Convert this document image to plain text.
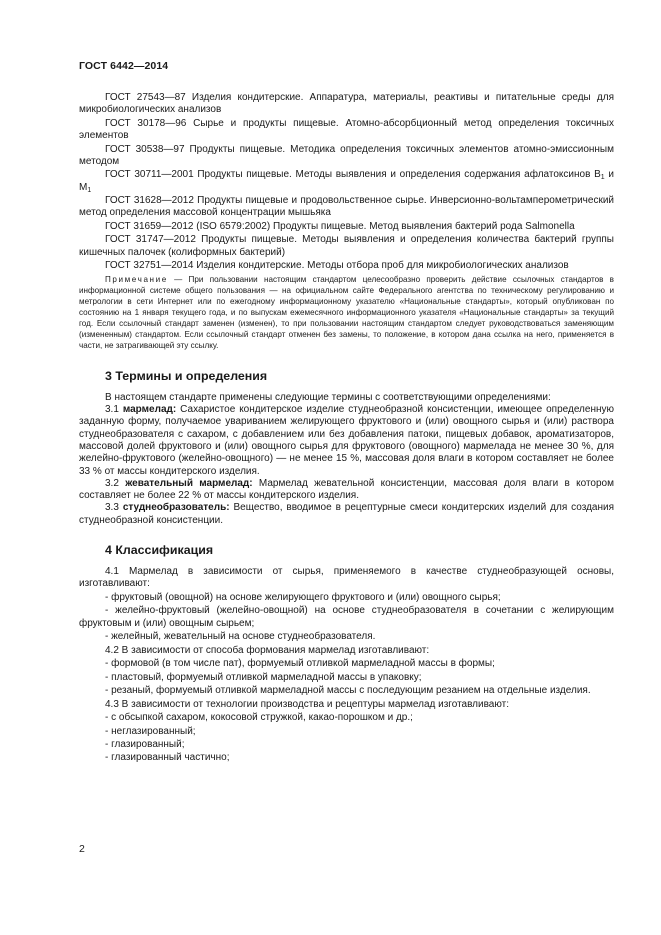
ГОСТ 6442—2014

ГОСТ 27543—87 Изделия кондитерские. Аппаратура, материалы, реактивы и питательные среды для микробиологических анализов

ГОСТ 30178—96 Сырье и продукты пищевые. Атомно-абсорбционный метод определения токсичных элементов

ГОСТ 30538—97 Продукты пищевые. Методика определения токсичных элементов атомно-эмиссионным методом

ГОСТ 30711—2001 Продукты пищевые. Методы выявления и определения содержания афлатоксинов $B_1$ и $M_1$

ГОСТ 31628—2012 Продукты пищевые и продовольственное сырье. Инверсионно-вольтамперометрический метод определения массовой концентрации мышьяка

ГОСТ 31659—2012 (ISO 6579:2002) Продукты пищевые. Метод выявления бактерий рода Salmonella

ГОСТ 31747—2012 Продукты пищевые. Методы выявления и определения количества бактерий группы кишечных палочек (колиформных бактерий)

ГОСТ 32751—2014 Изделия кондитерские. Методы отбора проб для микробиологических анализов

Примечание — При пользовании настоящим стандартом целесообразно проверить действие ссылочных стандартов в информационной системе общего пользования — на официальном сайте Федерального агентства по техническому регулированию и метрологии в сети Интернет или по ежегодному информационному указателю «Национальные стандарты», который опубликован по состоянию на 1 января текущего года, и по выпускам ежемесячного информационного указателя «Национальные стандарты» за текущий год. Если ссылочный стандарт заменен (изменен), то при пользовании настоящим стандартом следует руководствоваться заменяющим (измененным) стандартом. Если ссылочный стандарт отменен без замены, то положение, в котором дана ссылка на него, применяется в части, не затрагивающей эту ссылку.

3 Термины и определения

В настоящем стандарте применены следующие термины с соответствующими определениями:

3.1 мармелад: Сахаристое кондитерское изделие студнеобразной консистенции, имеющее определенную заданную форму, получаемое увариванием желирующего фруктового и (или) овощного сырья и (или) раствора студнеобразователя с сахаром, с добавлением или без добавления патоки, пищевых добавок, ароматизаторов, массовой долей фруктового и (или) овощного сырья для фруктового (овощного) мармелада не менее 30 %, для желейно-фруктового (желейно-овощного) — не менее 15 %, массовая доля влаги в котором составляет не более 33 % от массы кондитерского изделия.

3.2 жевательный мармелад: Мармелад жевательной консистенции, массовая доля влаги в котором составляет не более 22 % от массы кондитерского изделия.

3.3 студнеобразователь: Вещество, вводимое в рецептурные смеси кондитерских изделий для создания студнеобразной консистенции.

4 Классификация

4.1 Мармелад в зависимости от сырья, применяемого в качестве студнеобразующей основы, изготавливают:

- фруктовый (овощной) на основе желирующего фруктового и (или) овощного сырья;

- желейно-фруктовый (желейно-овощной) на основе студнеобразователя в сочетании с желирующим фруктовым и (или) овощным сырьем;

- желейный, жевательный на основе студнеобразователя.

4.2 В зависимости от способа формования мармелад изготавливают:

- формовой (в том числе пат), формуемый отливкой мармеладной массы в формы;

- пластовый, формуемый отливкой мармеладной массы в упаковку;

- резаный, формуемый отливкой мармеладной массы с последующим резанием на отдельные изделия.

4.3 В зависимости от технологии производства и рецептуры мармелад изготавливают:

- с обсыпкой сахаром, кокосовой стружкой, какао-порошком и др.;

- неглазированный;

- глазированный;

- глазированный частично;

2
